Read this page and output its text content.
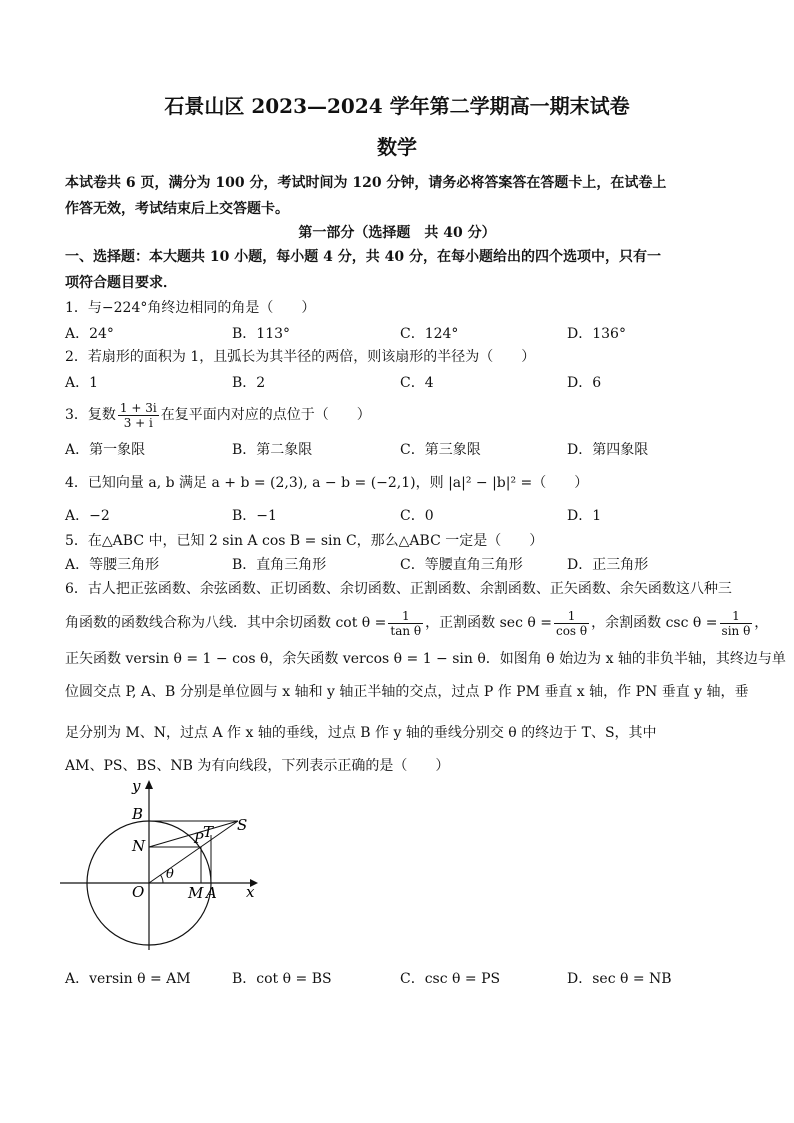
石景山区 2023—2024 学年第二学期高一期末试卷
数学
本试卷共 6 页，满分为 100 分，考试时间为 120 分钟，请务必将答案答在答题卡上，在试卷上
作答无效，考试结束后上交答题卡。
第一部分（选择题　共 40 分）
一、选择题：本大题共 10 小题，每小题 4 分，共 40 分，在每小题给出的四个选项中，只有一
项符合题目要求．
1．与−224°角终边相同的角是（　　）
A．24°	B．113°	C．124°	D．136°
2．若扇形的面积为 1，且弧长为其半径的两倍，则该扇形的半径为（　　）
A．1	B．2	C．4	D．6
3．复数 $\frac{1 + 3i}{3 + i}$ 在复平面内对应的点位于（　　）
A．第一象限	B．第二象限	C．第三象限	D．第四象限
4．已知向量 a, b 满足 a + b = (2,3), a − b = (−2,1)，则 |a|² − |b|² =（　　）
A．−2	B．−1	C．0	D．1
5．在△ABC 中，已知 2 sin A cos B = sin C，那么△ABC 一定是（　　）
A．等腰三角形	B．直角三角形	C．等腰直角三角形	D．正三角形
6．古人把正弦函数、余弦函数、正切函数、余切函数、正割函数、余割函数、正矢函数、余矢函数这八种三
角函数的函数线合称为八线．其中余切函数 $\cot \theta = \frac{1}{\text{tan θ}}$ ，正割函数 $\sec \theta = \frac{1}{\text{cos θ}}$ ，余割函数 $\csc \theta = \frac{1}{\text{sin θ}}$ ，
正矢函数 versin θ = 1 − cos θ，余矢函数 vercos θ = 1 − sin θ．如图角 θ 始边为 x 轴的非负半轴，其终边与单
位圆交点 P, A、B 分别是单位圆与 x 轴和 y 轴正半轴的交点，过点 P 作 PM 垂直 x 轴，作 PN 垂直 y 轴，垂
足分别为 M、N，过点 A 作 x 轴的垂线，过点 B 作 y 轴的垂线分别交 θ 的终边于 T、S，其中
AM、PS、BS、NB 为有向线段，下列表示正确的是（　　）
y
B
N
O	M A x
P T S
θ
A．versin θ = AM	B．cot θ = BS	C．csc θ = PS	D．sec θ = NB
